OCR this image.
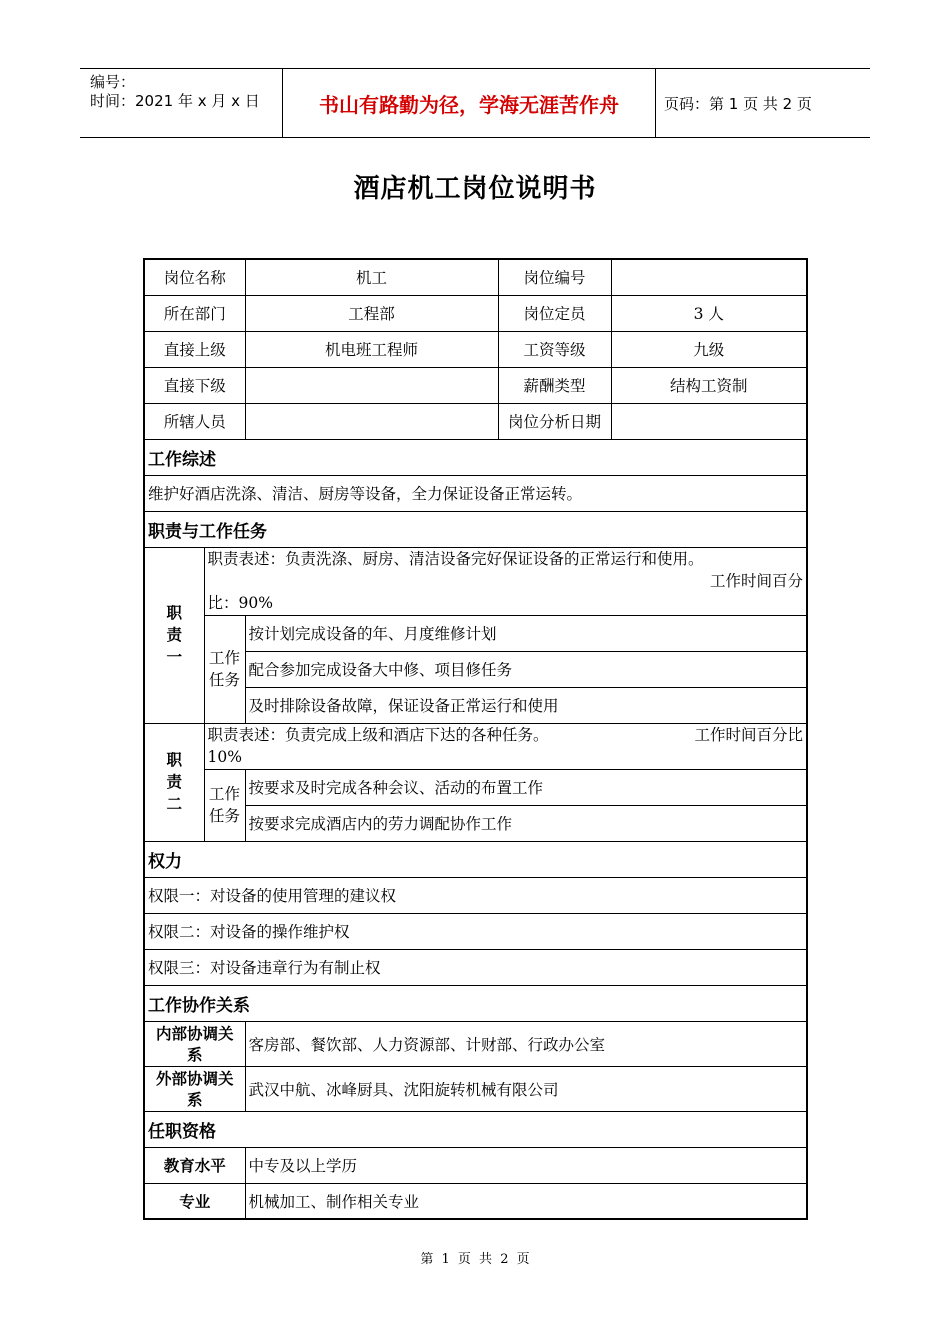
编号：
时间：2021 年 x 月 x 日	书山有路勤为径，学海无涯苦作舟	页码：第 1 页 共 2 页
酒店机工岗位说明书
岗位名称		机工	岗位编号	
所在部门		工程部	岗位定员	3 人
直接上级		机电班工程师	工资等级	九级
直接下级			薪酬类型	结构工资制
所辖人员			岗位分析日期	
工作综述				
维护好酒店洗涤、清洁、厨房等设备，全力保证设备正常运转。				
职责与工作任务				
职责一	职责表述：负责洗涤、厨房、清洁设备完好保证设备的正常运行和使用。
工作时间百分
比：90%			

	工作任务	按计划完成设备的年、月度维修计划		
		配合参加完成设备大中修、项目修任务		
		及时排除设备故障，保证设备正常运行和使用		
职责二	职责表述：负责完成上级和酒店下达的各种任务。 工作时间百分比
10%			

	工作任务	按要求及时完成各种会议、活动的布置工作		
		按要求完成酒店内的劳力调配协作工作		
权力				
权限一：对设备的使用管理的建议权				
权限二：对设备的操作维护权				
权限三：对设备违章行为有制止权				
工作协作关系				
内部协调关系		客房部、餐饮部、人力资源部、计财部、行政办公室		
外部协调关系		武汉中航、冰峰厨具、沈阳旋转机械有限公司		
任职资格				
教育水平		中专及以上学历		
专业		机械加工、制作相关专业		
第 1 页 共 2 页
